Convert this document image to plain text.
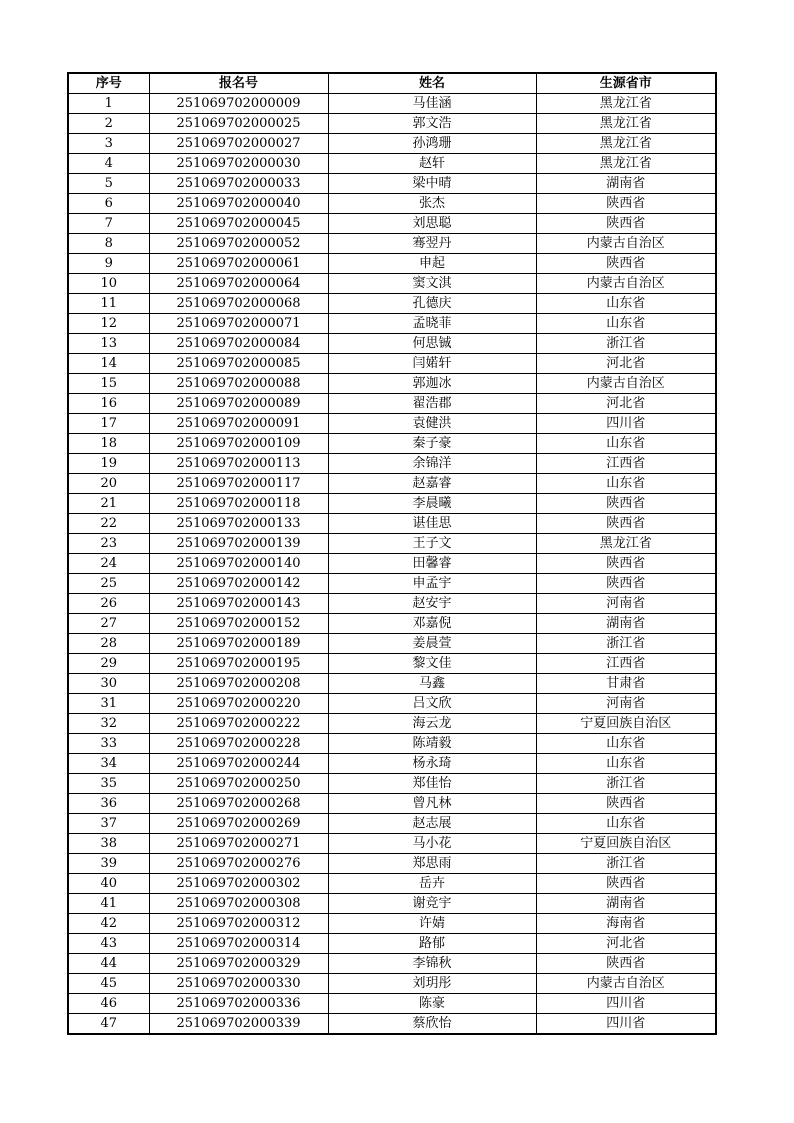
序号	报名号	姓名	生源省市
1	251069702000009	马佳涵	黑龙江省
2	251069702000025	郭文浩	黑龙江省
3	251069702000027	孙鸿珊	黑龙江省
4	251069702000030	赵轩	黑龙江省
5	251069702000033	梁中晴	湖南省
6	251069702000040	张杰	陕西省
7	251069702000045	刘思聪	陕西省
8	251069702000052	骞翌丹	内蒙古自治区
9	251069702000061	申起	陕西省
10	251069702000064	窦文淇	内蒙古自治区
11	251069702000068	孔德庆	山东省
12	251069702000071	孟晓菲	山东省
13	251069702000084	何思铖	浙江省
14	251069702000085	闫婼轩	河北省
15	251069702000088	郭迦冰	内蒙古自治区
16	251069702000089	翟浩郡	河北省
17	251069702000091	袁健洪	四川省
18	251069702000109	秦子豪	山东省
19	251069702000113	余锦洋	江西省
20	251069702000117	赵嘉睿	山东省
21	251069702000118	李晨曦	陕西省
22	251069702000133	谌佳思	陕西省
23	251069702000139	王子文	黑龙江省
24	251069702000140	田馨睿	陕西省
25	251069702000142	申孟宇	陕西省
26	251069702000143	赵安宇	河南省
27	251069702000152	邓嘉倪	湖南省
28	251069702000189	姜晨萱	浙江省
29	251069702000195	黎文佳	江西省
30	251069702000208	马鑫	甘肃省
31	251069702000220	吕文欣	河南省
32	251069702000222	海云龙	宁夏回族自治区
33	251069702000228	陈靖毅	山东省
34	251069702000244	杨永琦	山东省
35	251069702000250	郑佳怡	浙江省
36	251069702000268	曾凡林	陕西省
37	251069702000269	赵志展	山东省
38	251069702000271	马小花	宁夏回族自治区
39	251069702000276	郑思雨	浙江省
40	251069702000302	岳卉	陕西省
41	251069702000308	谢竞宇	湖南省
42	251069702000312	许婧	海南省
43	251069702000314	路郁	河北省
44	251069702000329	李锦秋	陕西省
45	251069702000330	刘玥彤	内蒙古自治区
46	251069702000336	陈豪	四川省
47	251069702000339	蔡欣怡	四川省
